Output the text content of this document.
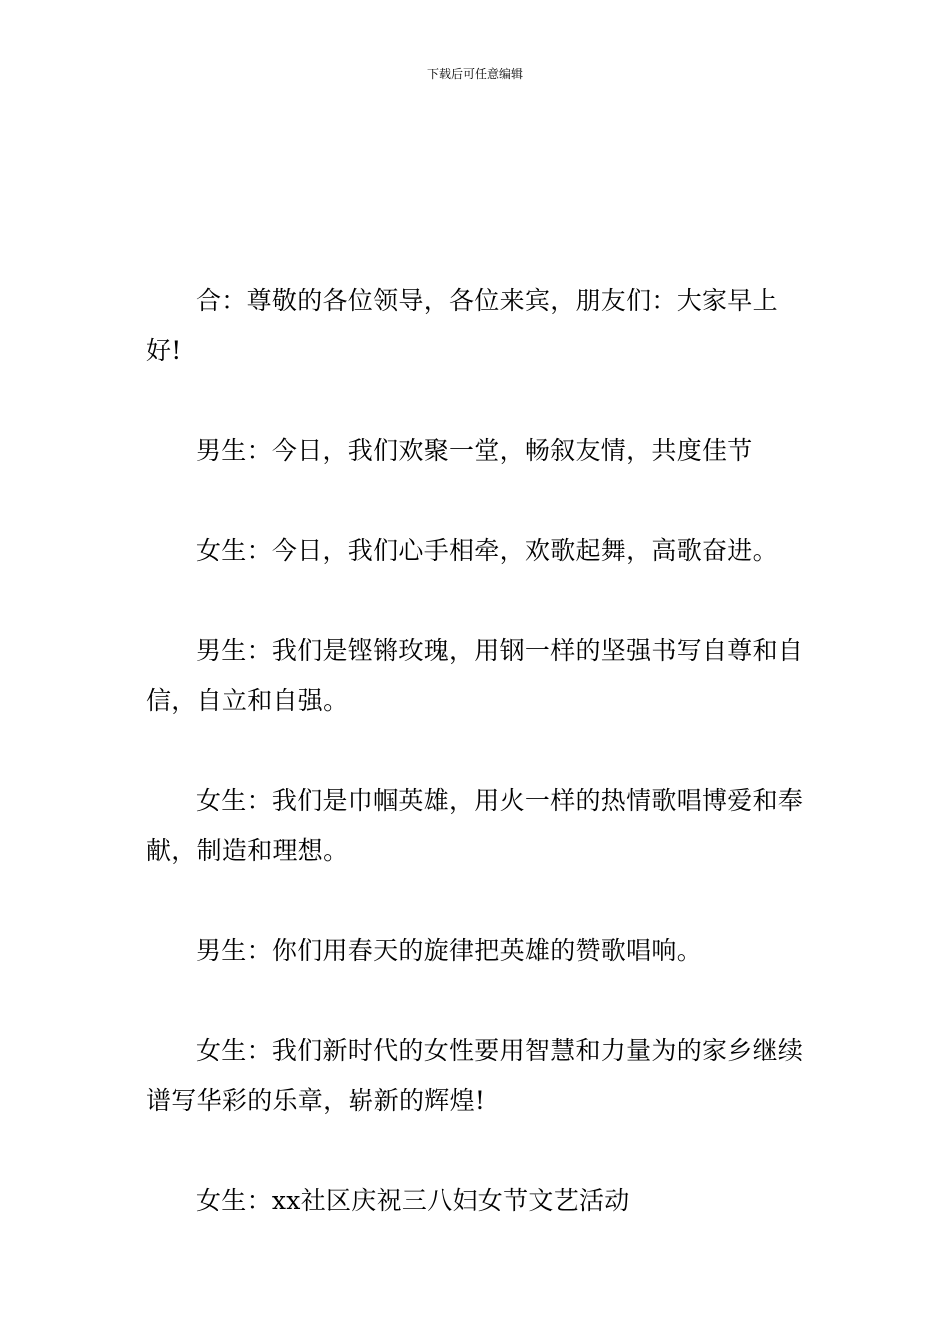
下载后可任意编辑

合：尊敬的各位领导，各位来宾，朋友们：大家早上好!

男生：今日，我们欢聚一堂，畅叙友情，共度佳节

女生：今日，我们心手相牵，欢歌起舞，高歌奋进。

男生：我们是铿锵玫瑰，用钢一样的坚强书写自尊和自信，自立和自强。

女生：我们是巾帼英雄，用火一样的热情歌唱博爱和奉献，制造和理想。

男生：你们用春天的旋律把英雄的赞歌唱响。

女生：我们新时代的女性要用智慧和力量为的家乡继续谱写华彩的乐章，崭新的辉煌!

女生：xx社区庆祝三八妇女节文艺活动
